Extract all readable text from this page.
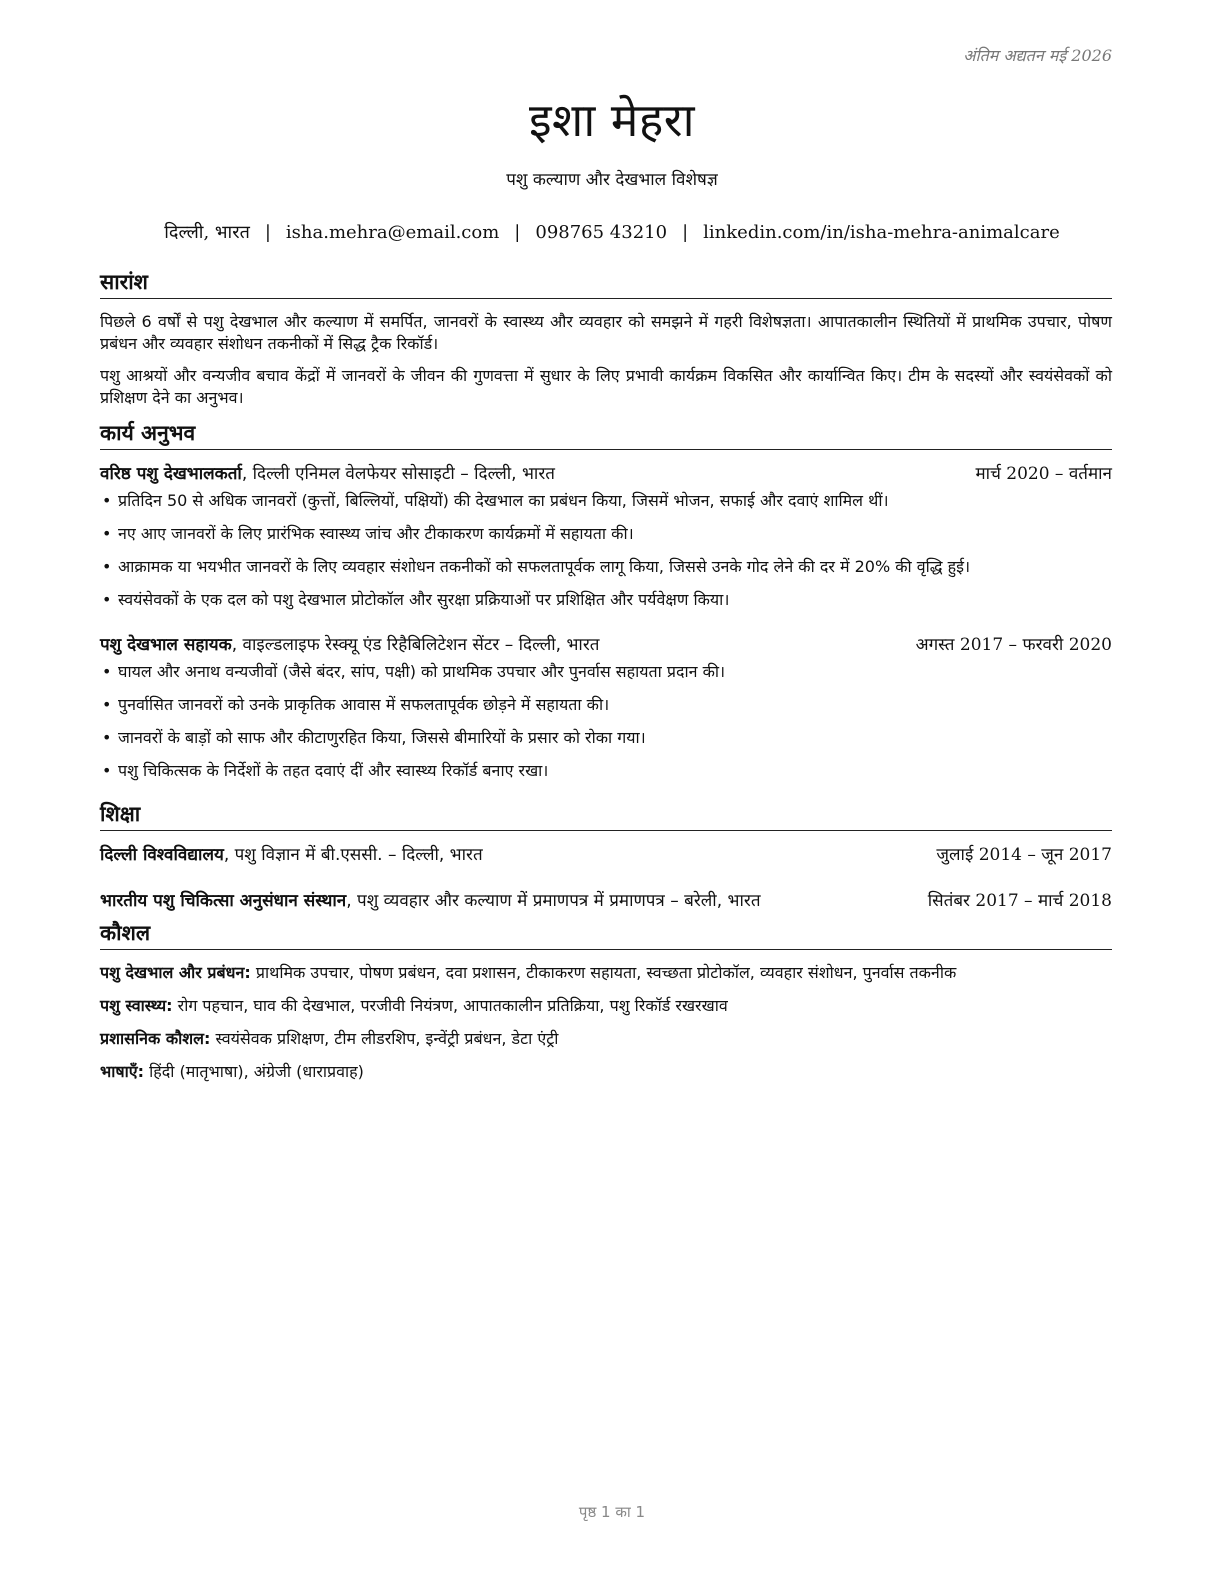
अंतिम अद्यतन मई 2026
इशा मेहरा
पशु कल्याण और देखभाल विशेषज्ञ
दिल्ली, भारत | isha.mehra@email.com | 098765 43210 | linkedin.com/in/isha-mehra-animalcare
सारांश

पिछले 6 वर्षों से पशु देखभाल और कल्याण में समर्पित, जानवरों के स्वास्थ्य और व्यवहार को समझने में गहरी विशेषज्ञता। आपातकालीन स्थितियों में प्राथमिक उपचार, पोषण प्रबंधन और व्यवहार संशोधन तकनीकों में सिद्ध ट्रैक रिकॉर्ड।

पशु आश्रयों और वन्यजीव बचाव केंद्रों में जानवरों के जीवन की गुणवत्ता में सुधार के लिए प्रभावी कार्यक्रम विकसित और कार्यान्वित किए। टीम के सदस्यों और स्वयंसेवकों को प्रशिक्षण देने का अनुभव।

कार्य अनुभव
वरिष्ठ पशु देखभालकर्ता, दिल्ली एनिमल वेलफेयर सोसाइटी – दिल्ली, भारत	मार्च 2020 – वर्तमान
• प्रतिदिन 50 से अधिक जानवरों (कुत्तों, बिल्लियों, पक्षियों) की देखभाल का प्रबंधन किया, जिसमें भोजन, सफाई और दवाएं शामिल थीं।
• नए आए जानवरों के लिए प्रारंभिक स्वास्थ्य जांच और टीकाकरण कार्यक्रमों में सहायता की।
• आक्रामक या भयभीत जानवरों के लिए व्यवहार संशोधन तकनीकों को सफलतापूर्वक लागू किया, जिससे उनके गोद लेने की दर में 20% की वृद्धि हुई।
• स्वयंसेवकों के एक दल को पशु देखभाल प्रोटोकॉल और सुरक्षा प्रक्रियाओं पर प्रशिक्षित और पर्यवेक्षण किया।
पशु देखभाल सहायक, वाइल्डलाइफ रेस्क्यू एंड रिहैबिलिटेशन सेंटर – दिल्ली, भारत	अगस्त 2017 – फरवरी 2020
• घायल और अनाथ वन्यजीवों (जैसे बंदर, सांप, पक्षी) को प्राथमिक उपचार और पुनर्वास सहायता प्रदान की।
• पुनर्वासित जानवरों को उनके प्राकृतिक आवास में सफलतापूर्वक छोड़ने में सहायता की।
• जानवरों के बाड़ों को साफ और कीटाणुरहित किया, जिससे बीमारियों के प्रसार को रोका गया।
• पशु चिकित्सक के निर्देशों के तहत दवाएं दीं और स्वास्थ्य रिकॉर्ड बनाए रखा।
शिक्षा
दिल्ली विश्वविद्यालय, पशु विज्ञान में बी.एससी. – दिल्ली, भारत	जुलाई 2014 – जून 2017
भारतीय पशु चिकित्सा अनुसंधान संस्थान, पशु व्यवहार और कल्याण में प्रमाणपत्र में प्रमाणपत्र – बरेली, भारत	सितंबर 2017 – मार्च 2018
कौशल
पशु देखभाल और प्रबंधन: प्राथमिक उपचार, पोषण प्रबंधन, दवा प्रशासन, टीकाकरण सहायता, स्वच्छता प्रोटोकॉल, व्यवहार संशोधन, पुनर्वास तकनीक
पशु स्वास्थ्य: रोग पहचान, घाव की देखभाल, परजीवी नियंत्रण, आपातकालीन प्रतिक्रिया, पशु रिकॉर्ड रखरखाव
प्रशासनिक कौशल: स्वयंसेवक प्रशिक्षण, टीम लीडरशिप, इन्वेंट्री प्रबंधन, डेटा एंट्री
भाषाएँ: हिंदी (मातृभाषा), अंग्रेजी (धाराप्रवाह)
पृष्ठ 1 का 1
